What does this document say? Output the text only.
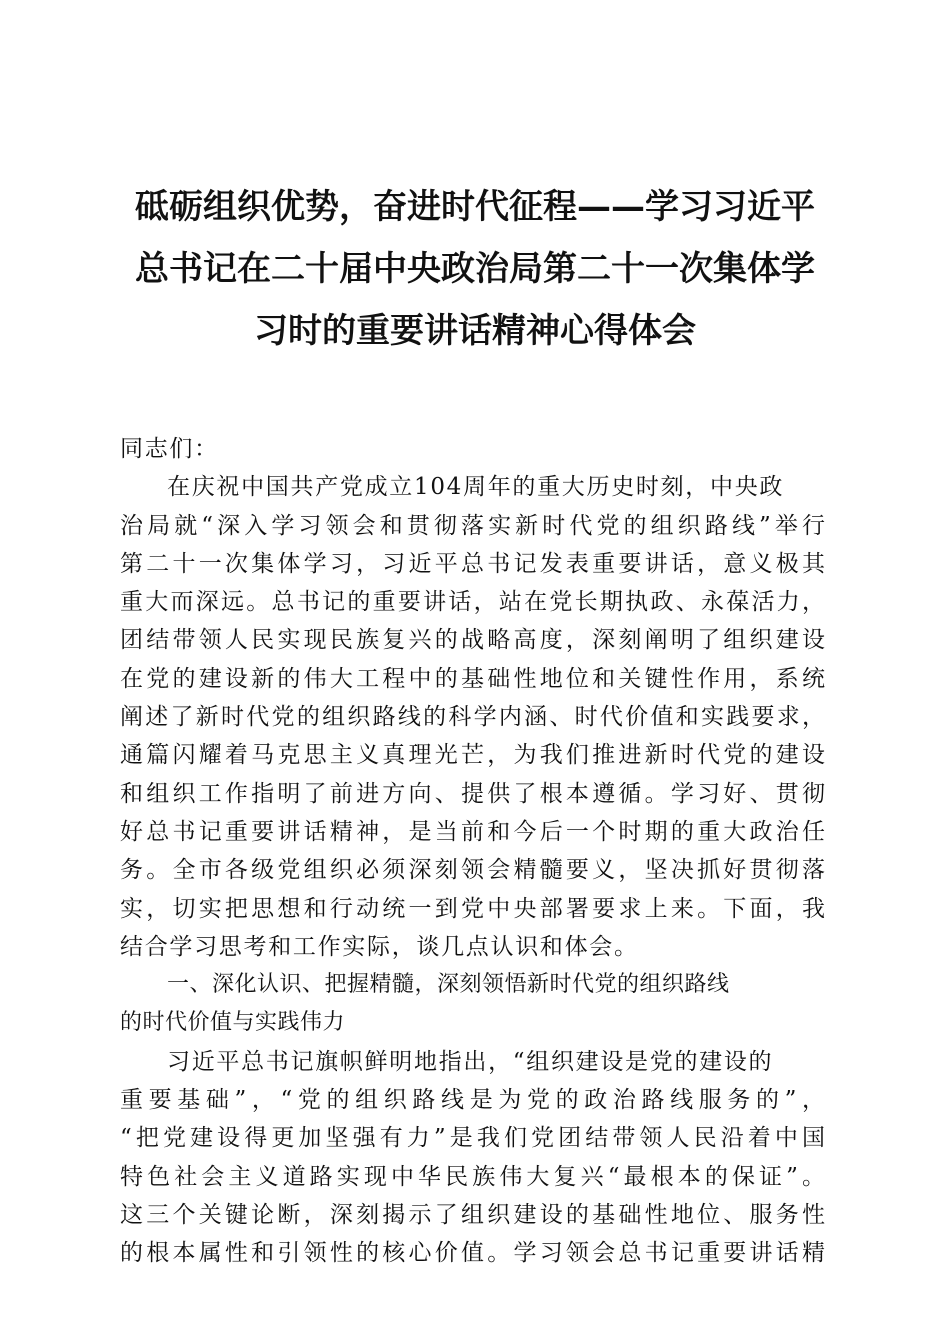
砥砺组织优势，奋进时代征程——学习习近平
总书记在二十届中央政治局第二十一次集体学
习时的重要讲话精神心得体会
同志们：
在庆祝中国共产党成立104周年的重大历史时刻，中央政
治局就“深入学习领会和贯彻落实新时代党的组织路线”举行
第二十一次集体学习，习近平总书记发表重要讲话，意义极其
重大而深远。总书记的重要讲话，站在党长期执政、永葆活力，
团结带领人民实现民族复兴的战略高度，深刻阐明了组织建设
在党的建设新的伟大工程中的基础性地位和关键性作用，系统
阐述了新时代党的组织路线的科学内涵、时代价值和实践要求，
通篇闪耀着马克思主义真理光芒，为我们推进新时代党的建设
和组织工作指明了前进方向、提供了根本遵循。学习好、贯彻
好总书记重要讲话精神，是当前和今后一个时期的重大政治任
务。全市各级党组织必须深刻领会精髓要义，坚决抓好贯彻落
实，切实把思想和行动统一到党中央部署要求上来。下面，我
结合学习思考和工作实际，谈几点认识和体会。
一、深化认识、把握精髓，深刻领悟新时代党的组织路线
的时代价值与实践伟力
习近平总书记旗帜鲜明地指出，“组织建设是党的建设的
重要基础”，“党的组织路线是为党的政治路线服务的”，
“把党建设得更加坚强有力”是我们党团结带领人民沿着中国
特色社会主义道路实现中华民族伟大复兴“最根本的保证”。
这三个关键论断，深刻揭示了组织建设的基础性地位、服务性
的根本属性和引领性的核心价值。学习领会总书记重要讲话精
